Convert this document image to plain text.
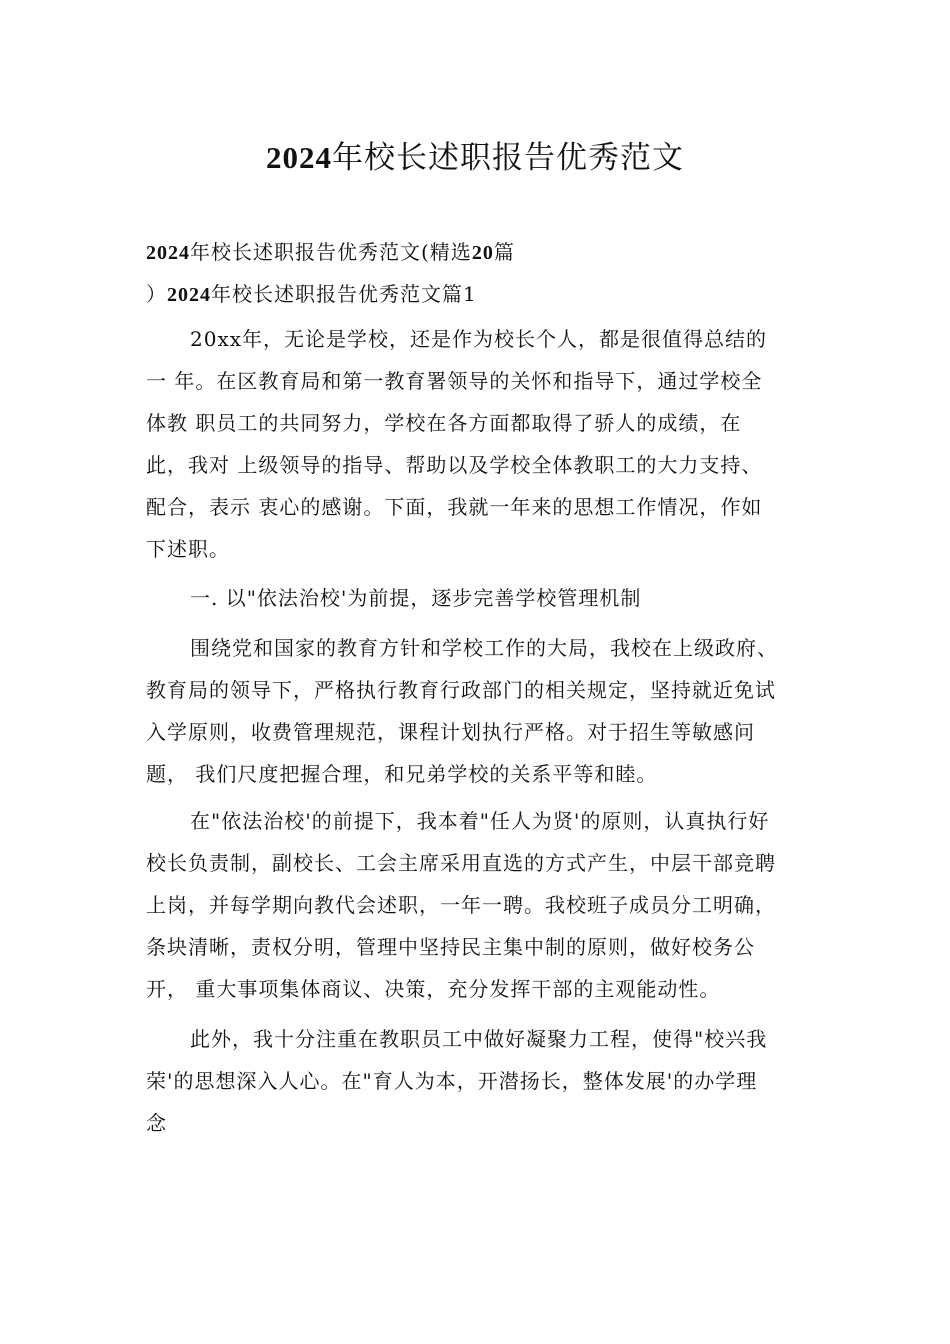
2024年校长述职报告优秀范文
2024年校长述职报告优秀范文(精选20篇
）2024年校长述职报告优秀范文篇1
20xx年，无论是学校，还是作为校长个人，都是很值得总结的
一 年。在区教育局和第一教育署领导的关怀和指导下，通过学校全
体教 职员工的共同努力，学校在各方面都取得了骄人的成绩，在
此，我对 上级领导的指导、帮助以及学校全体教职工的大力支持、
配合，表示 衷心的感谢。下面，我就一年来的思想工作情况，作如
下述职。
一. 以"依法治校'为前提，逐步完善学校管理机制
围绕党和国家的教育方针和学校工作的大局，我校在上级政府、
教育局的领导下，严格执行教育行政部门的相关规定，坚持就近免试
入学原则，收费管理规范，课程计划执行严格。对于招生等敏感问
题， 我们尺度把握合理，和兄弟学校的关系平等和睦。
在"依法治校'的前提下，我本着"任人为贤'的原则，认真执行好
校长负责制，副校长、工会主席采用直选的方式产生，中层干部竞聘
上岗，并每学期向教代会述职，一年一聘。我校班子成员分工明确，
条块清晰，责权分明，管理中坚持民主集中制的原则，做好校务公
开， 重大事项集体商议、决策，充分发挥干部的主观能动性。
此外，我十分注重在教职员工中做好凝聚力工程，使得"校兴我
荣'的思想深入人心。在"育人为本，开潜扬长，整体发展'的办学理
念
